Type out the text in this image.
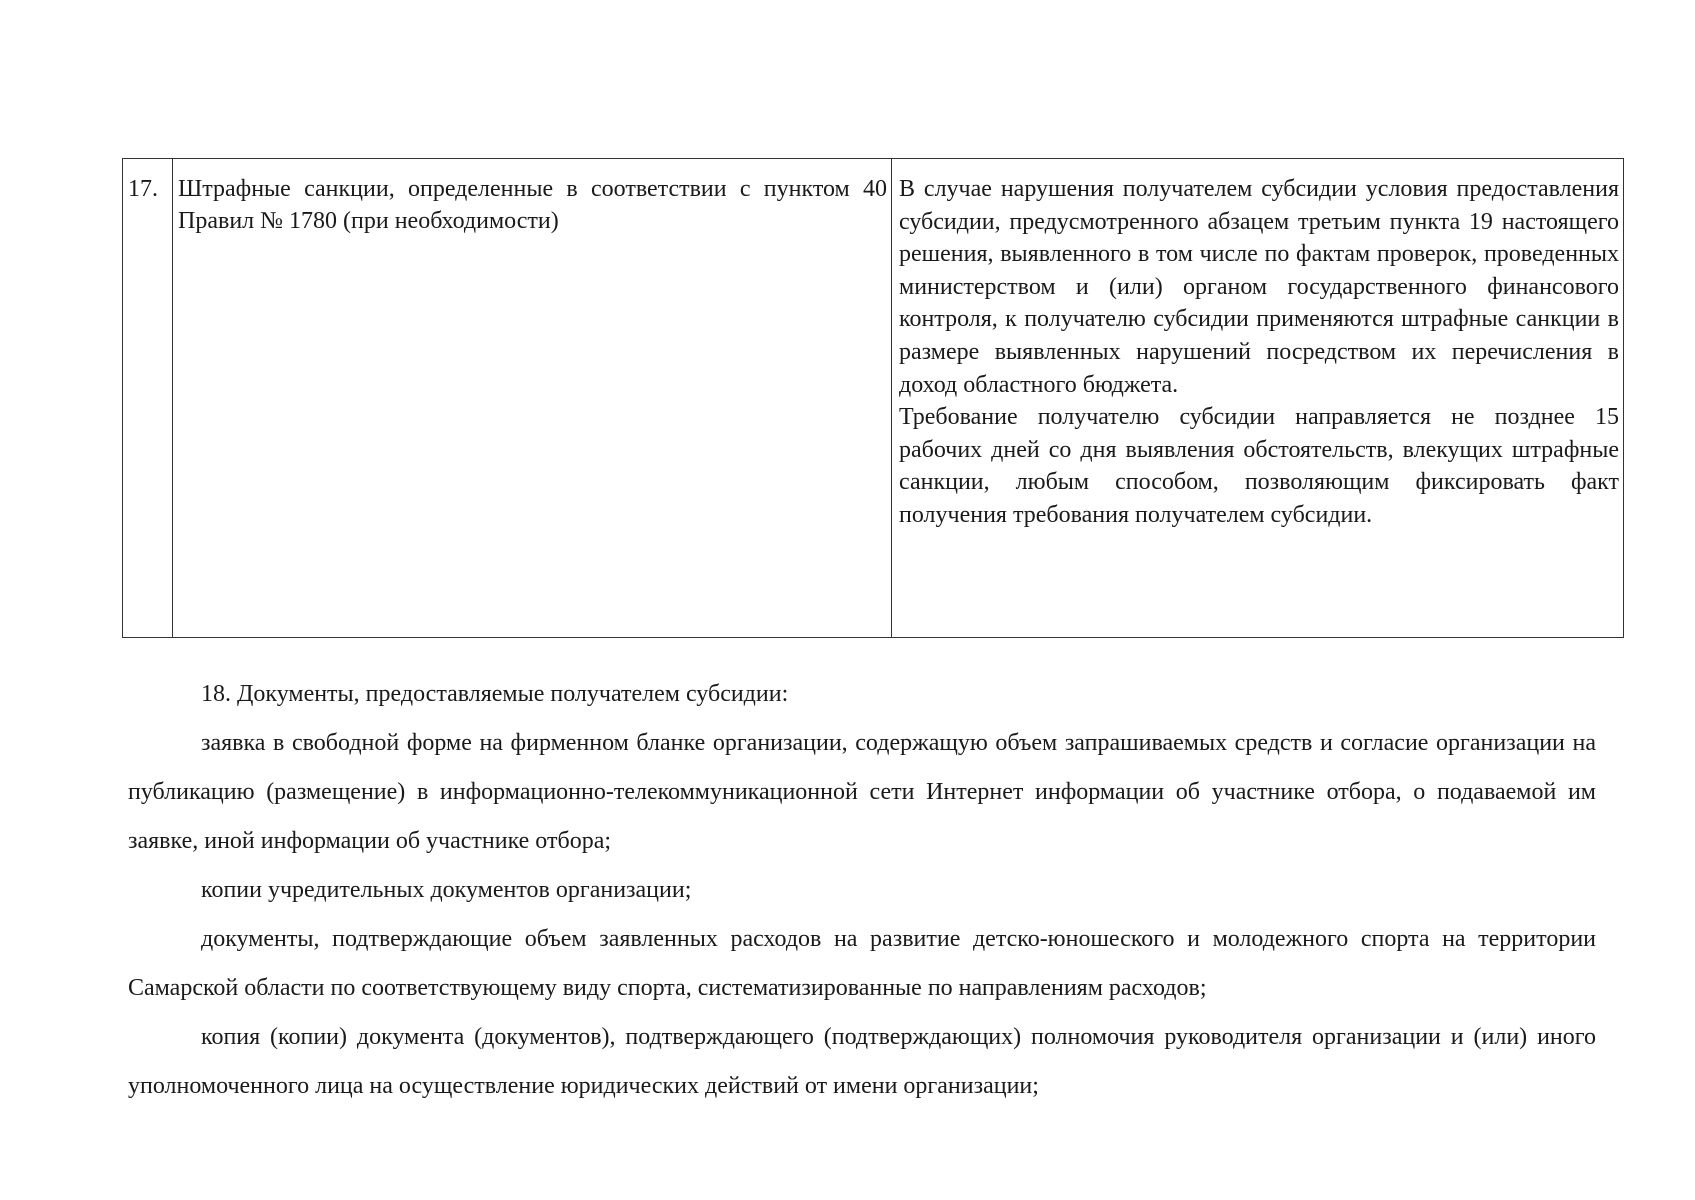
17. Штрафные санкции, определенные в соответствии с пунктом 40 Правил № 1780 (при необходимости)

В случае нарушения получателем субсидии условия предоставления субсидии, предусмотренного абзацем третьим пункта 19 настоящего решения, выявленного в том числе по фактам проверок, проведенных министерством и (или) органом государственного финансового контроля, к получателю субсидии применяются штрафные санкции в размере выявленных нарушений посредством их перечисления в доход областного бюджета.

Требование получателю субсидии направляется не позднее 15 рабочих дней со дня выявления обстоятельств, влекущих штрафные санкции, любым способом, позволяющим фиксировать факт получения требования получателем субсидии.

18. Документы, предоставляемые получателем субсидии:

заявка в свободной форме на фирменном бланке организации, содержащую объем запрашиваемых средств и согласие организации на публикацию (размещение) в информационно-телекоммуникационной сети Интернет информации об участнике отбора, о подаваемой им заявке, иной информации об участнике отбора;

копии учредительных документов организации;

документы, подтверждающие объем заявленных расходов на развитие детско-юношеского и молодежного спорта на территории Самарской области по соответствующему виду спорта, систематизированные по направлениям расходов;

копия (копии) документа (документов), подтверждающего (подтверждающих) полномочия руководителя организации и (или) иного уполномоченного лица на осуществление юридических действий от имени организации;
